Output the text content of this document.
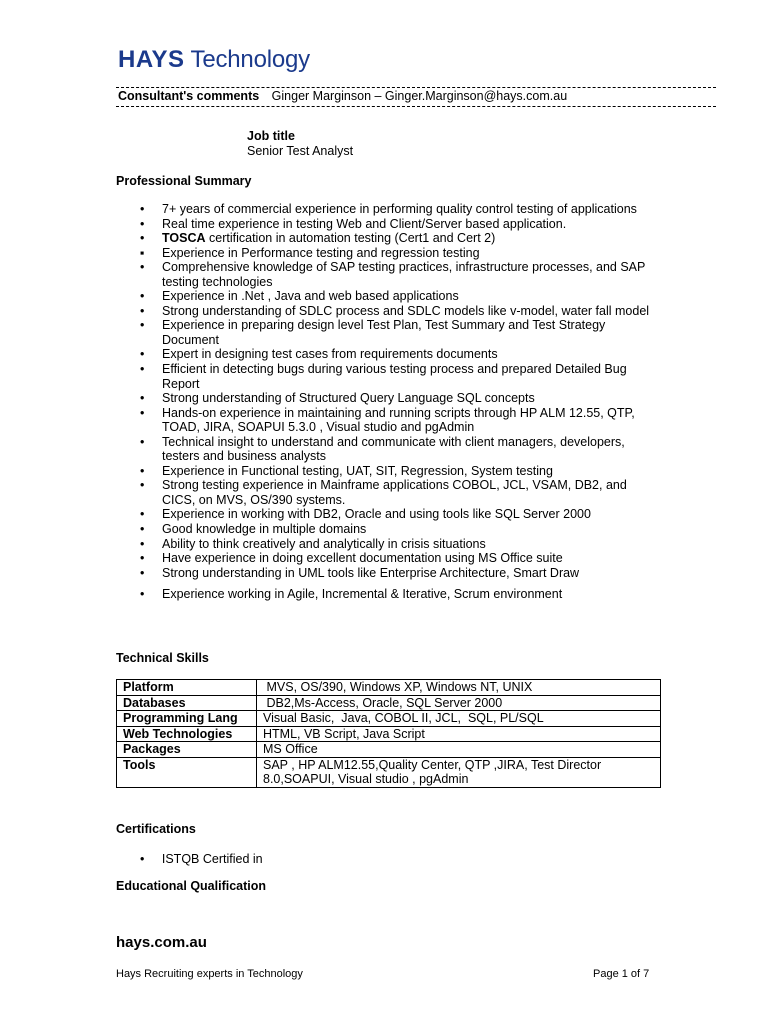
HAYS Technology
Consultant's comments Ginger Marginson – Ginger.Marginson@hays.com.au
Job title
Senior Test Analyst
Professional Summary
• 7+ years of commercial experience in performing quality control testing of applications
• Real time experience in testing Web and Client/Server based application.
• TOSCA certification in automation testing (Cert1 and Cert 2)
▪ Experience in Performance testing and regression testing
• Comprehensive knowledge of SAP testing practices, infrastructure processes, and SAP testing technologies
• Experience in .Net , Java and web based applications
• Strong understanding of SDLC process and SDLC models like v-model, water fall model
• Experience in preparing design level Test Plan, Test Summary and Test Strategy Document
• Expert in designing test cases from requirements documents
• Efficient in detecting bugs during various testing process and prepared Detailed Bug Report
• Strong understanding of Structured Query Language SQL concepts
• Hands-on experience in maintaining and running scripts through HP ALM 12.55, QTP, TOAD, JIRA, SOAPUI 5.3.0 , Visual studio and pgAdmin
• Technical insight to understand and communicate with client managers, developers, testers and business analysts
• Experience in Functional testing, UAT, SIT, Regression, System testing
• Strong testing experience in Mainframe applications COBOL, JCL, VSAM, DB2, and CICS, on MVS, OS/390 systems.
• Experience in working with DB2, Oracle and using tools like SQL Server 2000
• Good knowledge in multiple domains
• Ability to think creatively and analytically in crisis situations
• Have experience in doing excellent documentation using MS Office suite
• Strong understanding in UML tools like Enterprise Architecture, Smart Draw
• Experience working in Agile, Incremental & Iterative, Scrum environment
Technical Skills
Platform	MVS, OS/390, Windows XP, Windows NT, UNIX
Databases	DB2,Ms-Access, Oracle, SQL Server 2000
Programming Lang	Visual Basic,  Java, COBOL II, JCL,  SQL, PL/SQL
Web Technologies	HTML, VB Script, Java Script
Packages	MS Office
Tools	SAP , HP ALM12.55,Quality Center, QTP ,JIRA, Test Director 8.0,SOAPUI, Visual studio , pgAdmin
Certifications
• ISTQB Certified in
Educational Qualification
hays.com.au
Hays Recruiting experts in Technology	Page 1 of 7
